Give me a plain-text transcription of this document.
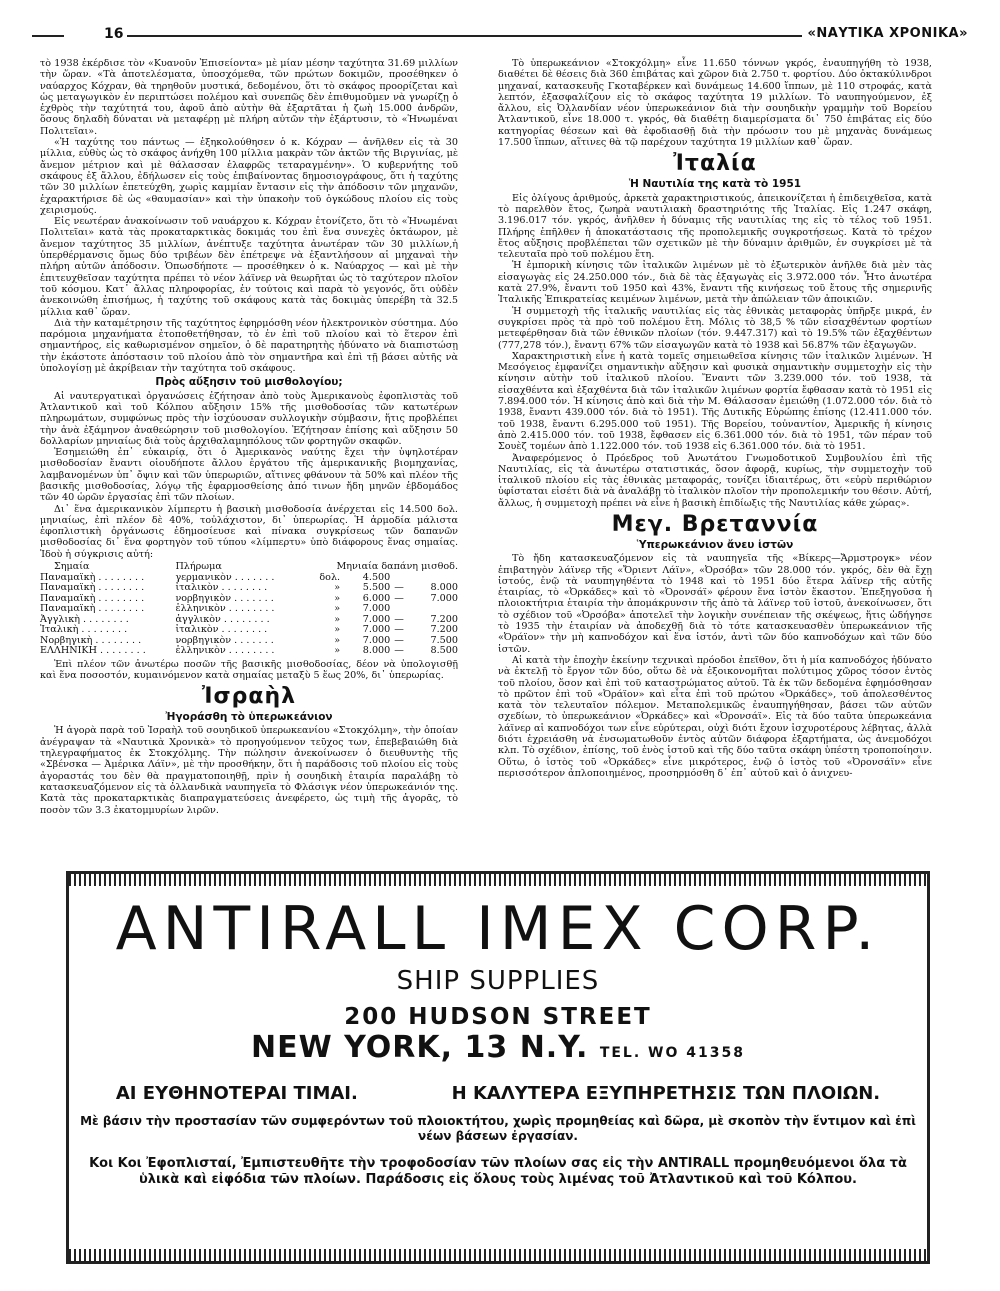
16	«ΝΑΥΤΙΚΑ ΧΡΟΝΙΚΑ»

τὸ 1938 ἐκέρδισε τὸν «Κυανοῦν Ἐπισείοντα» μὲ μίαν μέσην ταχύτητα 31.69 μιλλίων τὴν ὥραν. «Τὰ ἀποτελέσματα, ὑποσχόμεθα, τῶν πρώτων δοκιμῶν, προσέθηκεν ὁ ναύαρχος Κόχραν, θὰ τηρηθοῦν μυστικά, δεδομένου, ὅτι τὸ σκάφος προορίζεται καὶ ὡς μεταγωγικὸν ἐν περιπτώσει πολέμου καὶ συνεπῶς δὲν ἐπιθυμοῦμεν νὰ γνωρίζῃ ὁ ἐχθρὸς τὴν ταχύτητά του, ἀφοῦ ἀπὸ αὐτὴν θὰ ἐξαρτᾶται ἡ ζωὴ 15.000 ἀνδρῶν, ὅσους δηλαδὴ δύναται νὰ μεταφέρῃ μὲ πλήρη αὐτῶν τὴν ἐξάρτυσιν, τὸ «Ἡνωμέναι Πολιτεῖαι».

«Ἡ ταχύτης του πάντως — ἐξηκολούθησεν ὁ κ. Κόχραν — ἀνῆλθεν εἰς τὰ 30 μίλλια, εὐθὺς ὡς τὸ σκάφος ἀνήχθη 100 μίλλια μακρὰν τῶν ἀκτῶν τῆς Βιργινίας, μὲ ἄνεμον μέτριον καὶ μὲ θάλασσαν ἐλαφρῶς τεταραγμένην». Ὁ κυβερνήτης τοῦ σκάφους ἐξ ἄλλου, ἐδήλωσεν εἰς τοὺς ἐπιβαίνοντας δημοσιογράφους, ὅτι ἡ ταχύτης τῶν 30 μιλλίων ἐπετεύχθη, χωρὶς καμμίαν ἔντασιν εἰς τὴν ἀπόδοσιν τῶν μηχανῶν, ἐχαρακτήρισε δὲ ὡς «θαυμασίαν» καὶ τὴν ὑπακοὴν τοῦ ὀγκώδους πλοίου εἰς τοὺς χειρισμούς.

Εἰς νεωτέραν ἀνακοίνωσιν τοῦ ναυάρχου κ. Κόχραν ἐτονίζετο, ὅτι τὸ «Ἡνωμέναι Πολιτεῖαι» κατὰ τὰς προκαταρκτικὰς δοκιμάς του ἐπὶ ἕνα συνεχὲς ὀκτάωρον, μὲ ἄνεμον ταχύτητος 35 μιλλίων, ἀνέπτυξε ταχύτητα ἀνωτέραν τῶν 30 μιλλίων,ἡ ὑπερθέρμανσις ὅμως δύο τριβέων δὲν ἐπέτρεψε νὰ ἐξαντλήσουν αἱ μηχαναὶ τὴν πλήρη αὐτῶν ἀπόδοσιν. Ὁπωσδήποτε — προσέθηκεν ὁ κ. Ναύαρχος — καὶ μὲ τὴν ἐπιτευχθεῖσαν ταχύτητα πρέπει τὸ νέον λάϊνερ νὰ θεωρῆται ὡς τὸ ταχύτερον πλοῖον τοῦ κόσμου. Κατ᾽ ἄλλας πληροφορίας, ἐν τούτοις καὶ παρὰ τὸ γεγονός, ὅτι οὐδὲν ἀνεκοινώθη ἐπισήμως, ἡ ταχύτης τοῦ σκάφους κατὰ τὰς δοκιμὰς ὑπερέβη τὰ 32.5 μίλλια καθ᾽ ὥραν.

Διὰ τὴν καταμέτρησιν τῆς ταχύτητος ἐφηρμόσθη νέον ἠλεκτρονικὸν σύστημα. Δύο παρόμοια μηχανήματα ἐτοποθετήθησαν, τὸ ἐν ἐπὶ τοῦ πλοίου καὶ τὸ ἕτερον ἐπὶ σημαντήρος, εἰς καθωρισμένον σημεῖον, ὁ δὲ παρατηρητὴς ἠδύνατο νὰ διαπιστώσῃ τὴν ἑκάστοτε ἀπόστασιν τοῦ πλοίου ἀπὸ τὸν σημαντῆρα καὶ ἐπὶ τῇ βάσει αὐτῆς νὰ ὑπολογίσῃ μὲ ἀκρίβειαν τὴν ταχύτητα τοῦ σκάφους.

Πρὸς αὔξησιν τοῦ μισθολογίου;

Αἱ ναυτεργατικαὶ ὀργανώσεις ἐζήτησαν ἀπὸ τοὺς Ἀμερικανοὺς ἐφοπλιστὰς τοῦ Ἀτλαντικοῦ καὶ τοῦ Κόλπου αὔξησιν 15% τῆς μισθοδοσίας τῶν κατωτέρων πληρωμάτων, συμφώνως πρὸς τὴν ἰσχύουσαν συλλογικὴν σύμβασιν, ἥτις προβλέπει τὴν ἀνὰ ἑξάμηνον ἀναθεώρησιν τοῦ μισθολογίου. Ἐζήτησαν ἐπίσης καὶ αὔξησιν 50 δολλαρίων μηνιαίως διὰ τοὺς ἀρχιθαλαμηπόλους τῶν φορτηγῶν σκαφῶν.

Ἐσημειώθη ἐπ᾽ εὐκαιρίᾳ, ὅτι ὁ Ἀμερικανὸς ναύτης ἔχει τὴν ὑψηλοτέραν μισθοδοσίαν ἔναντι οἱουδήποτε ἄλλου ἐργάτου τῆς ἀμερικανικῆς βιομηχανίας, λαμβανομένων ὑπ᾽ ὄψιν καὶ τῶν ὑπερωριῶν, αἵτινες φθάνουν τὰ 50% καὶ πλέον τῆς βασικῆς μισθοδοσίας, λόγῳ τῆς ἐφαρμοσθείσης ἀπό τινων ἤδη μηνῶν ἑβδομάδος τῶν 40 ὡρῶν ἐργασίας ἐπὶ τῶν πλοίων.

Δι᾽ ἕνα ἀμερικανικὸν λίμπερτυ ἡ βασικὴ μισθοδοσία ἀνέρχεται εἰς 14.500 δολ. μηνιαίως, ἐπὶ πλέον δὲ 40%, τοὐλάχιστον, δι᾽ ὑπερωρίας. Ἡ ἁρμοδία μάλιστα ἐφοπλιστικὴ ὀργάνωσις ἐδημοσίευσε καὶ πίνακα συγκρίσεως τῶν δαπανῶν μισθοδοσίας δι᾽ ἕνα φορτηγὸν τοῦ τύπου «λίμπερτυ» ὑπὸ διάφορους ἕνας σημαίας. Ἰδοὺ ἡ σύγκρισις αὐτή:

Σημαία	Πλήρωμα	Μηνιαία δαπάνη μισθοδ.			
Παναμαϊκὴ . . . . . . . .	γερμανικὸν . . . . . . .	δολ.	4.500		
Παναμαϊκὴ . . . . . . . .	ἰταλικὸν . . . . . . . .	»	5.500	—	8.000
Παναμαϊκὴ . . . . . . . .	νορβηγικὸν . . . . . . .	»	6.000	—	7.000
Παναμαϊκὴ . . . . . . . .	ἑλληνικὸν . . . . . . . .	»	7.000		
Ἀγγλικὴ . . . . . . . .	ἀγγλικὸν . . . . . . . .	»	7.000	—	7.200
Ἰταλικὴ . . . . . . . .	ἰταλικὸν . . . . . . . .	»	7.000	—	7.200
Νορβηγικὴ . . . . . . . .	νορβηγικὸν . . . . . . .	»	7.000	—	7.500
ΕΛΛΗΝΙΚΗ . . . . . . . .	ἑλληνικὸν . . . . . . . .	»	8.000	—	8.500

Ἐπὶ πλέον τῶν ἀνωτέρω ποσῶν τῆς βασικῆς μισθοδοσίας, δέον νὰ ὑπολογισθῇ καὶ ἕνα ποσοστόν, κυμαινόμενον κατὰ σημαίας μεταξὺ 5 ἕως 20%, δι᾽ ὑπερωρίας.

Ἰσραὴλ
Ἠγοράσθη τὸ ὑπερωκεάνιον

Ἡ ἀγορὰ παρὰ τοῦ Ἰσραὴλ τοῦ σουηδικοῦ ὑπερωκεανίου «Στοκχόλμη», τὴν ὁποίαν ἀνέγραψαν τὰ «Ναυτικὰ Χρονικὰ» τὸ προηγούμενον τεῦχος των, ἐπεβεβαιώθη διὰ τηλεγραφήματος ἐκ Στοκχόλμης. Τὴν πώλησιν ἀνεκοίνωσεν ὁ διευθυντὴς τῆς «Σβένσκα — Ἀμέρικα Λάϊν», μὲ τὴν προσθήκην, ὅτι ἡ παράδοσις τοῦ πλοίου εἰς τοὺς ἀγοραστάς του δὲν θὰ πραγματοποιηθῇ, πρὶν ἡ σουηδικὴ ἑταιρία παραλάβῃ τὸ κατασκευαζόμενον εἰς τὰ ὀλλανδικὰ ναυπηγεῖα τὸ Φλάσιγκ νέον ὑπερωκεάνιόν της. Κατὰ τὰς προκαταρκτικὰς διαπραγματεύσεις ἀνεφέρετο, ὡς τιμὴ τῆς ἀγορᾶς, τὸ ποσὸν τῶν 3.3 ἑκατομμυρίων λιρῶν.

Τὸ ὑπερωκεάνιον «Στοκχόλμη» εἶνε 11.650 τόννων γκρός, ἐναυπηγήθη τὸ 1938, διαθέτει δὲ θέσεις διὰ 360 ἐπιβάτας καὶ χῶρον διὰ 2.750 τ. φορτίου. Δύο ὀκτακύλινδροι μηχαναί, κατασκευῆς Γκοταβέρκεν καὶ δυνάμεως 14.600 ἵππων, μὲ 110 στροφάς, κατὰ λεπτόν, ἐξασφαλίζουν εἰς τὸ σκάφος ταχύτητα 19 μιλλίων. Τὸ ναυπηγούμενον, ἐξ ἄλλου, εἰς Ὀλλανδίαν νέον ὑπερωκεάνιον διὰ τὴν σουηδικὴν γραμμὴν τοῦ Βορείου Ἀτλαντικοῦ, εἶνε 18.000 τ. γκρός, θὰ διαθέτῃ διαμερίσματα δι᾽ 750 ἐπιβάτας εἰς δύο κατηγορίας θέσεων καὶ θὰ ἐφοδιασθῇ διὰ τὴν πρόωσιν του μὲ μηχανὰς δυνάμεως 17.500 ἵππων, αἵτινες θὰ τῷ παρέχουν ταχύτητα 19 μιλλίων καθ᾽ ὥραν.

Ἰταλία
Ἡ Ναυτιλία της κατὰ τὸ 1951

Εἰς ὀλίγους ἀριθμούς, ἀρκετὰ χαρακτηριστικούς, ἀπεικονίζεται ἡ ἐπιδειχθεῖσα, κατὰ τὸ παρελθὸν ἔτος, ζωηρὰ ναυτιλιακὴ δραστηριότης τῆς Ἰταλίας. Εἰς 1.247 σκάφη, 3.196.017 τόν. γκρός, ἀνῆλθεν ἡ δύναμις τῆς ναυτιλίας της εἰς τὸ τέλος τοῦ 1951. Πλήρης ἐπῆλθεν ἡ ἀποκατάστασις τῆς προπολεμικῆς συγκροτήσεως. Κατὰ τὸ τρέχον ἔτος αὔξησις προβλέπεται τῶν σχετικῶν μὲ τὴν δύναμιν ἀριθμῶν, ἐν συγκρίσει μὲ τὰ τελευταῖα πρὸ τοῦ πολέμου ἔτη.

Ἡ ἐμπορικὴ κίνησις τῶν ἰταλικῶν λιμένων μὲ τὸ ἐξωτερικὸν ἀνῆλθε διὰ μὲν τὰς εἰσαγωγὰς εἰς 24.250.000 τόν., διὰ δὲ τὰς ἐξαγωγὰς εἰς 3.972.000 τόν. Ἦτο ἀνωτέρα κατὰ 27.9%, ἔναντι τοῦ 1950 καὶ 43%, ἔναντι τῆς κινήσεως τοῦ ἔτους τῆς σημερινῆς Ἰταλικῆς Ἐπικρατείας κειμένων λιμένων, μετὰ τὴν ἀπώλειαν τῶν ἀποικιῶν.

Ἡ συμμετοχὴ τῆς ἰταλικῆς ναυτιλίας εἰς τὰς ἐθνικὰς μεταφορὰς ὑπῆρξε μικρά, ἐν συγκρίσει πρὸς τὰ πρὸ τοῦ πολέμου ἔτη. Μόλις τὸ 38,5 % τῶν εἰσαχθέντων φορτίων μετεφέρθησαν διὰ τῶν ἐθνικῶν πλοίων (τόν. 9.447.317) καὶ τὸ 19.5% τῶν ἐξαχθέντων (777,278 τόν.), ἔναντι 67% τῶν εἰσαγωγῶν κατὰ τὸ 1938 καὶ 56.87% τῶν ἐξαγωγῶν.

Χαρακτηριστικὴ εἶνε ἡ κατὰ τομεῖς σημειωθεῖσα κίνησις τῶν ἰταλικῶν λιμένων. Ἡ Μεσόγειος ἐμφανίζει σημαντικὴν αὔξησιν καὶ φυσικὰ σημαντικὴν συμμετοχὴν εἰς τὴν κίνησιν αὐτὴν τοῦ ἰταλικοῦ πλοίου. Ἔναντι τῶν 3.239.000 τόν. τοῦ 1938, τὰ εἰσαχθέντα καὶ ἐξαχθέντα διὰ τῶν ἰταλικῶν λιμένων φορτία ἔφθασαν κατὰ τὸ 1951 εἰς 7.894.000 τόν. Ἡ κίνησις ἀπὸ καὶ διὰ τὴν Μ. Θάλασσαν ἐμειώθη (1.072.000 τόν. διὰ τὸ 1938, ἔναντι 439.000 τόν. διὰ τὸ 1951). Τῆς Δυτικῆς Εὐρώπης ἐπίσης (12.411.000 τόν. τοῦ 1938, ἔναντι 6.295.000 τοῦ 1951). Τῆς Βορείου, τοὐναντίον, Ἀμερικῆς ἡ κίνησις ἀπὸ 2.415.000 τόν. τοῦ 1938, ἔφθασεν εἰς 6.361.000 τόν. διὰ τὸ 1951, τῶν πέραν τοῦ Σουὲζ τομέων ἀπὸ 1.122.000 τόν. τοῦ 1938 εἰς 6.361.000 τόν. διὰ τὸ 1951.

Ἀναφερόμενος ὁ Πρόεδρος τοῦ Ἀνωτάτου Γνωμοδοτικοῦ Συμβουλίου ἐπὶ τῆς Ναυτιλίας, εἰς τὰ ἀνωτέρω στατιστικάς, ὅσον ἀφορᾷ, κυρίως, τὴν συμμετοχὴν τοῦ ἰταλικοῦ πλοίου εἰς τὰς ἐθνικὰς μεταφοράς, τονίζει ἰδιαιτέρως, ὅτι «εὐρὺ περιθώριον ὑφίσταται εἰσέτι διὰ νὰ ἀναλάβῃ τὸ ἰταλικὸν πλοῖον τὴν προπολεμικήν του θέσιν. Αὐτή, ἄλλως, ἡ συμμετοχὴ πρέπει νὰ εἶνε ἡ βασικὴ ἐπιδίωξις τῆς Ναυτιλίας κάθε χώρας».

Μεγ. Βρεταννία
Ὑπερωκεάνιον ἄνευ ἱστῶν

Τὸ ἤδη κατασκευαζόμενον εἰς τὰ ναυπηγεῖα τῆς «Βίκερς—Ἄρμστρογκ» νέον ἐπιβατηγὸν λάϊνερ τῆς «Ὄριεντ Λάϊν», «Ὀρσόβα» τῶν 28.000 τόν. γκρός, δὲν θὰ ἔχῃ ἱστούς, ἐνῷ τὰ ναυπηγηθέντα τὸ 1948 καὶ τὸ 1951 δύο ἕτερα λάϊνερ τῆς αὐτῆς ἑταιρίας, τὸ «Ὀρκάδες» καὶ τὸ «Ὀρονσάϊ» φέρουν ἕνα ἱστὸν ἕκαστον. Ἐπεξηγοῦσα ἡ πλοιοκτήτρια ἑταιρία τὴν ἀπομάκρυνσιν τῆς ἀπὸ τὰ λάϊνερ τοῦ ἱστοῦ, ἀνεκοίνωσεν, ὅτι τὸ σχέδιον τοῦ «Ὀρσόβα» ἀποτελεῖ τὴν λογικὴν συνέπειαν τῆς σκέψεως, ἥτις ὡδήγησε τὸ 1935 τὴν ἑταιρίαν νὰ ἀποδεχθῇ διὰ τὸ τότε κατασκευασθὲν ὑπερωκεάνιον τῆς «Ὀράϊον» τὴν μὴ καπνοδόχον καὶ ἕνα ἱστόν, ἀντὶ τῶν δύο καπνοδόχων καὶ τῶν δύο ἱστῶν.

Αἱ κατὰ τὴν ἐποχὴν ἐκείνην τεχνικαὶ πρόοδοι ἐπεῖθον, ὅτι ἡ μία καπνοδόχος ἠδύνατο νὰ ἐκτελῇ τὸ ἔργον τῶν δύο, οὕτω δὲ νὰ ἐξοικονομῆται πολύτιμος χῶρος τόσον ἐντὸς τοῦ πλοίου, ὅσον καὶ ἐπὶ τοῦ καταστρώματος αὐτοῦ. Τὰ ἐκ τῶν δεδομένα ἐφημόσθησαν τὸ πρῶτον ἐπὶ τοῦ «Ὀράϊον» καὶ εἶτα ἐπὶ τοῦ πρώτου «Ὀρκάδες», τοῦ ἀπολεσθέντος κατὰ τὸν τελευταῖον πόλεμον. Μεταπολεμικῶς ἐναυπηγήθησαν, βάσει τῶν αὐτῶν σχεδίων, τὸ ὑπερωκεάνιον «Ὀρκάδες» καὶ «Ὀρονσάϊ». Εἰς τὰ δύο ταῦτα ὑπερωκεάνια λάϊνερ αἱ καπνοδόχοι των εἶνε εὐρύτεραι, οὐχὶ διότι ἔχουν ἰσχυροτέρους λέβητας, ἀλλὰ διότι ἐχρειάσθη νὰ ἐνσωματωθοῦν ἐντὸς αὐτῶν διάφορα ἐξαρτήματα, ὡς ἀνεμοδόχοι κλπ. Τὸ σχέδιον, ἐπίσης, τοῦ ἑνὸς ἱστοῦ καὶ τῆς δύο ταῦτα σκάφη ὑπέστη τροποποίησιν. Οὕτω, ὁ ἱστὸς τοῦ «Ὀρκάδες» εἶνε μικρότερος, ἐνῷ ὁ ἱστὸς τοῦ «Ὀρονσάϊν» εἶνε περισσότερον ἀπλοποιημένος, προσηρμόσθη δ᾽ ἐπ᾽ αὐτοῦ καὶ ὁ ἀνιχνευ-

ANTIRALL IMEX CORP.
SHIP SUPPLIES
200 HUDSON STREET
NEW YORK, 13 N.Y. TEL. WO 41358
ΑΙ ΕΥΘΗΝΟΤΕΡΑΙ ΤΙΜΑΙ.	Η ΚΑΛΥΤΕΡΑ ΕΞΥΠΗΡΕΤΗΣΙΣ ΤΩΝ ΠΛΟΙΩΝ.
Μὲ βάσιν τὴν προστασίαν τῶν συμφερόντων τοῦ πλοιοκτήτου, χωρὶς προμηθείας καὶ δῶρα, μὲ σκοπὸν τὴν ἔντιμον καὶ ἐπὶ νέων βάσεων ἐργασίαν.
Κοι Κοι Ἐφοπλισταί, Ἐμπιστευθῆτε τὴν τροφοδοσίαν τῶν πλοίων σας εἰς τὴν ANTIRALL προμηθευόμενοι ὅλα τὰ ὑλικὰ καὶ εἰφόδια τῶν πλοίων. Παράδοσις εἰς ὅλους τοὺς λιμένας τοῦ Ἀτλαντικοῦ καὶ τοῦ Κόλπου.
